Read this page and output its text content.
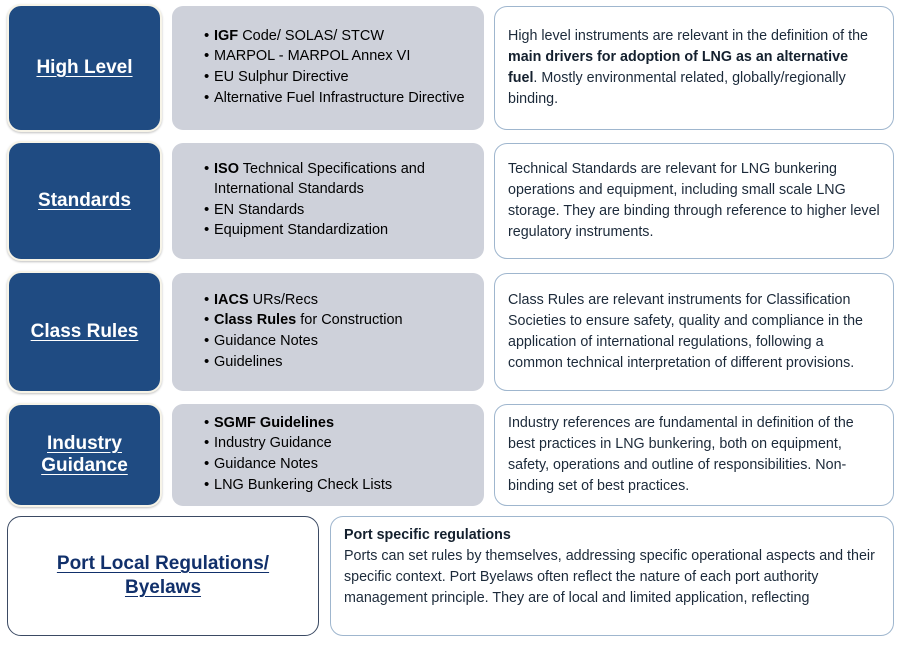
High Level
• IGF Code/ SOLAS/ STCW
• MARPOL - MARPOL Annex VI
• EU Sulphur Directive
• Alternative Fuel Infrastructure Directive
High level instruments are relevant in the definition of the main drivers for adoption of LNG as an alternative fuel. Mostly environmental related, globally/regionally binding.
Standards
• ISO Technical Specifications and International Standards
• EN Standards
• Equipment Standardization
Technical Standards are relevant for LNG bunkering operations and equipment, including small scale LNG storage. They are binding through reference to higher level regulatory instruments.
Class Rules
• IACS URs/Recs
• Class Rules for Construction
• Guidance Notes
• Guidelines
Class Rules are relevant instruments for Classification Societies to ensure safety, quality and compliance in the application of international regulations, following a common technical interpretation of different provisions.
Industry Guidance
• SGMF Guidelines
• Industry Guidance
• Guidance Notes
• LNG Bunkering Check Lists
Industry references are fundamental in definition of the best practices in LNG bunkering, both on equipment, safety, operations and outline of responsibilities. Non-binding set of best practices.
Port Local Regulations/ Byelaws
Port specific regulations
Ports can set rules by themselves, addressing specific operational aspects and their specific context. Port Byelaws often reflect the nature of each port authority management principle. They are of local and limited application, reflecting
